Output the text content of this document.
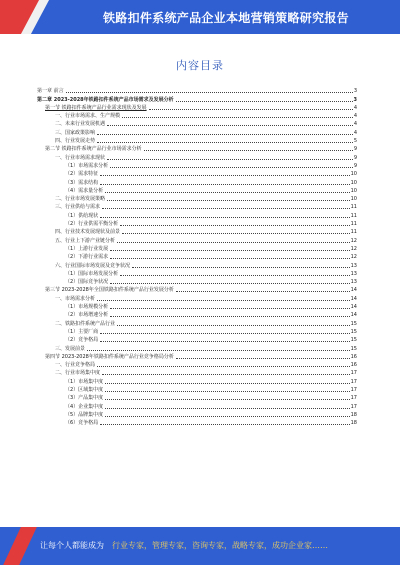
铁路扣件系统产品企业本地营销策略研究报告
内容目录
第一章 前言	3
第二章 2023-2028年铁路扣件系统产品市场需求及发展分析	3
第一节 铁路扣件系统产品行业需求现状及发展	4
一、行业市场需求、生产规模	4
二、未来行业发展机遇	4
三、国家政策影响	4
四、行业发展走势	5
第二节 铁路扣件系统产品行业市场需求分析	9
一、行业市场需求现状	9
（1）市场需求分析	9
（2）需求特征	10
（3）需求结构	10
（4）需求量分析	10
二、行业市场发展策略	10
三、行业供给与需求	11
（1）供给现状	11
（2）行业供需平衡分析	11
四、行业技术发展现状及前景	11
五、行业上下游产业链分析	12
（1）上游行业发展	12
（2）下游行业需求	12
六、行业国际市场发展及竞争状况	13
（1）国际市场发展分析	13
（2）国际竞争状况	13
第三节 2023-2028年全国铁路扣件系统产品行业发展分析	14
一、市场需求分析	14
（1）市场规模分析	14
（2）市场增速分析	14
二、铁路扣件系统产品行业	15
（1）主要厂商	15
（2）竞争格局	15
三、发展前景	15
第四节 2023-2028年铁路扣件系统产品行业竞争格局分析	16
一、行业竞争格局	16
二、行业市场集中度	17
（1）市场集中度	17
（2）区域集中度	17
（3）产品集中度	17
（4）企业集中度	17
（5）品牌集中度	18
（6）竞争格局	18
让每个人都能成为 行业专家，管理专家，咨询专家，战略专家，成功企业家……
